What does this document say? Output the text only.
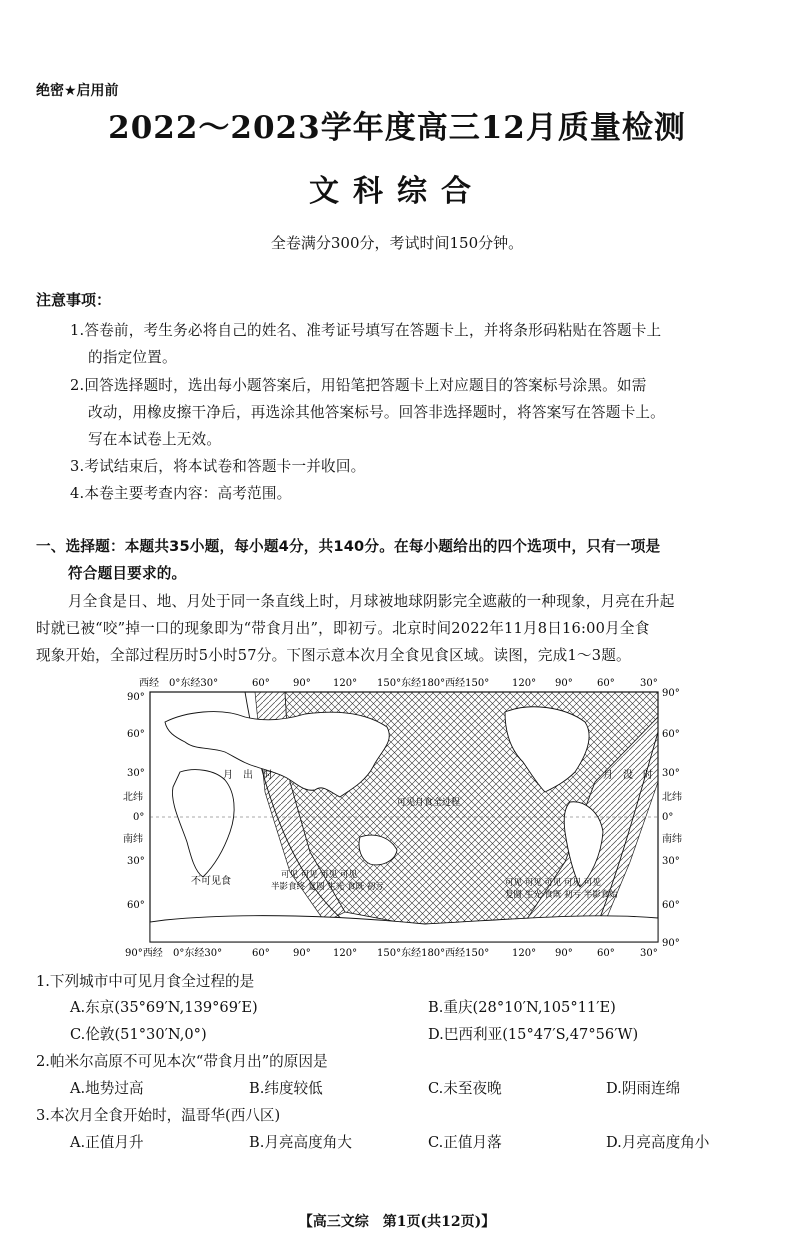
绝密★启用前
2022～2023学年度高三12月质量检测
文科综合
全卷满分300分，考试时间150分钟。
注意事项：
1.答卷前，考生务必将自己的姓名、准考证号填写在答题卡上，并将条形码粘贴在答题卡上
的指定位置。
2.回答选择题时，选出每小题答案后，用铅笔把答题卡上对应题目的答案标号涂黑。如需
改动，用橡皮擦干净后，再选涂其他答案标号。回答非选择题时，将答案写在答题卡上。
写在本试卷上无效。
3.考试结束后，将本试卷和答题卡一并收回。
4.本卷主要考查内容：高考范围。
一、选择题：本题共35小题，每小题4分，共140分。在每小题给出的四个选项中，只有一项是
符合题目要求的。
月全食是日、地、月处于同一条直线上时，月球被地球阴影完全遮蔽的一种现象，月亮在升起
时就已被“咬”掉一口的现象即为“带食月出”，即初亏。北京时间2022年11月8日16:00月全食
现象开始，全部过程历时5小时57分。下图示意本次月全食见食区域。读图，完成1～3题。
月　出　时	月　没　时
可见月食全过程
不可见食
可见 可见 可见 可见
半影食终 复圆 生光 食既 初亏	可见 可见 可见 可见 可见
复圆 生光 食既 初亏 半影食始
西经 0°东经30°	60° 90° 120° 150°东经180°西经150° 120° 90° 60°	30°
90°西经 0°东经30°	60° 90° 120° 150°东经180°西经150° 120° 90° 60°	30°
90°
60°
30°
北纬
0°
南纬
30°
60°
90°
60°
30°
北纬
0°
南纬
30°
60°
90°
1.下列城市中可见月食全过程的是
A.东京(35°69′N,139°69′E)	B.重庆(28°10′N,105°11′E)
C.伦敦(51°30′N,0°)	D.巴西利亚(15°47′S,47°56′W)
2.帕米尔高原不可见本次“带食月出”的原因是
A.地势过高	B.纬度较低	C.未至夜晚	D.阴雨连绵
3.本次月全食开始时，温哥华(西八区)
A.正值月升	B.月亮高度角大	C.正值月落	D.月亮高度角小
【高三文综　第1页(共12页)】
